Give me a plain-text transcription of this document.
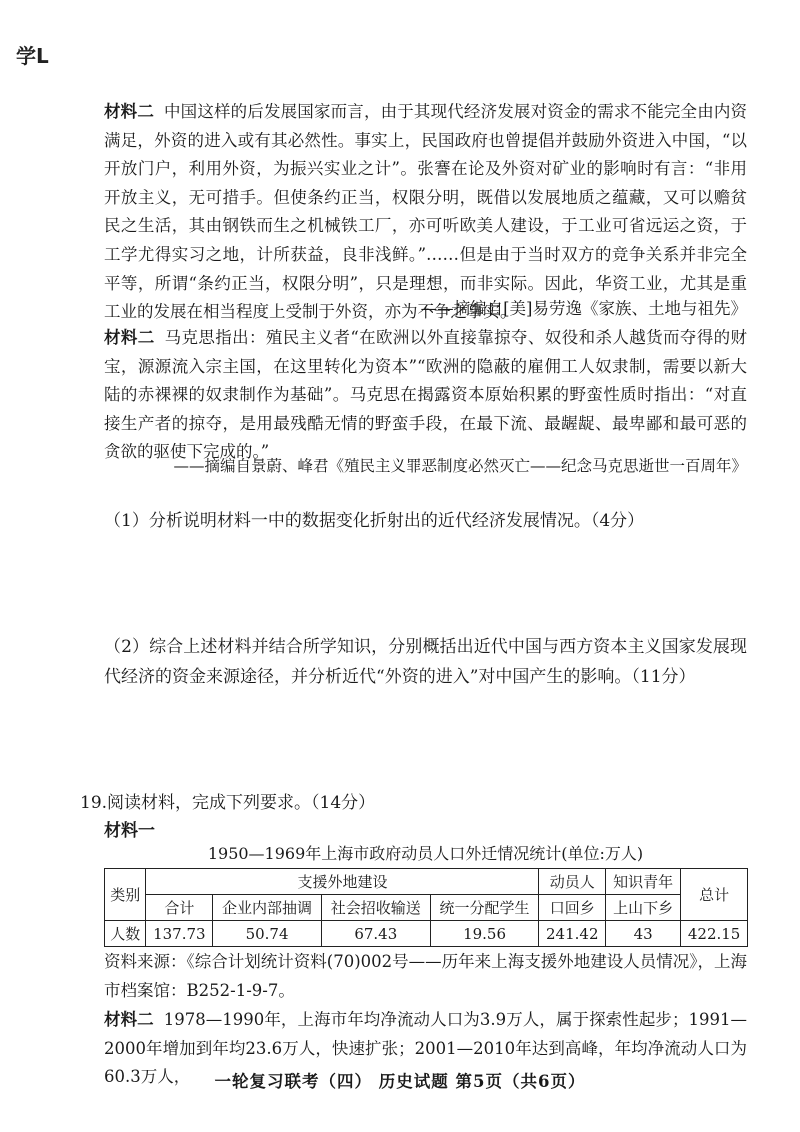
学L

材料二 中国这样的后发展国家而言，由于其现代经济发展对资金的需求不能完全由内资满足，外资的进入或有其必然性。事实上，民国政府也曾提倡并鼓励外资进入中国，“以开放门户，利用外资，为振兴实业之计”。张謇在论及外资对矿业的影响时有言：“非用开放主义，无可措手。但使条约正当，权限分明，既借以发展地质之蕴藏，又可以赡贫民之生活，其由钢铁而生之机械铁工厂，亦可听欧美人建设，于工业可省远运之资，于工学尤得实习之地，计所获益，良非浅鲜。”……但是由于当时双方的竞争关系并非完全平等，所谓“条约正当，权限分明”，只是理想，而非实际。因此，华资工业，尤其是重工业的发展在相当程度上受制于外资，亦为不争之事实。

——摘编自[美]易劳逸《家族、土地与祖先》

材料二 马克思指出：殖民主义者“在欧洲以外直接靠掠夺、奴役和杀人越货而夺得的财宝，源源流入宗主国，在这里转化为资本”“欧洲的隐蔽的雇佣工人奴隶制，需要以新大陆的赤裸裸的奴隶制作为基础”。马克思在揭露资本原始积累的野蛮性质时指出：“对直接生产者的掠夺，是用最残酷无情的野蛮手段，在最下流、最龌龊、最卑鄙和最可恶的贪欲的驱使下完成的。”

——摘编自景蔚、峰君《殖民主义罪恶制度必然灭亡——纪念马克思逝世一百周年》

（1）分析说明材料一中的数据变化折射出的近代经济发展情况。（4分）

（2）综合上述材料并结合所学知识，分别概括出近代中国与西方资本主义国家发展现代经济的资金来源途径，并分析近代“外资的进入”对中国产生的影响。（11分）

19.阅读材料，完成下列要求。（14分）

材料一

1950—1969年上海市政府动员人口外迁情况统计(单位:万人)

类别	支援外地建设				动员人	知识青年	总计
	合计	企业内部抽调	社会招收输送	统一分配学生	口回乡	上山下乡	
人数	137.73	50.74	67.43	19.56	241.42	43	422.15

资料来源：《综合计划统计资料(70)002号——历年来上海支援外地建设人员情况》，上海市档案馆：B252-1-9-7。

材料二 1978—1990年，上海市年均净流动人口为3.9万人，属于探索性起步；1991—2000年增加到年均23.6万人，快速扩张；2001—2010年达到高峰，年均净流动人口为60.3万人，	一轮复习联考（四） 历史试题 第5页（共6页）
